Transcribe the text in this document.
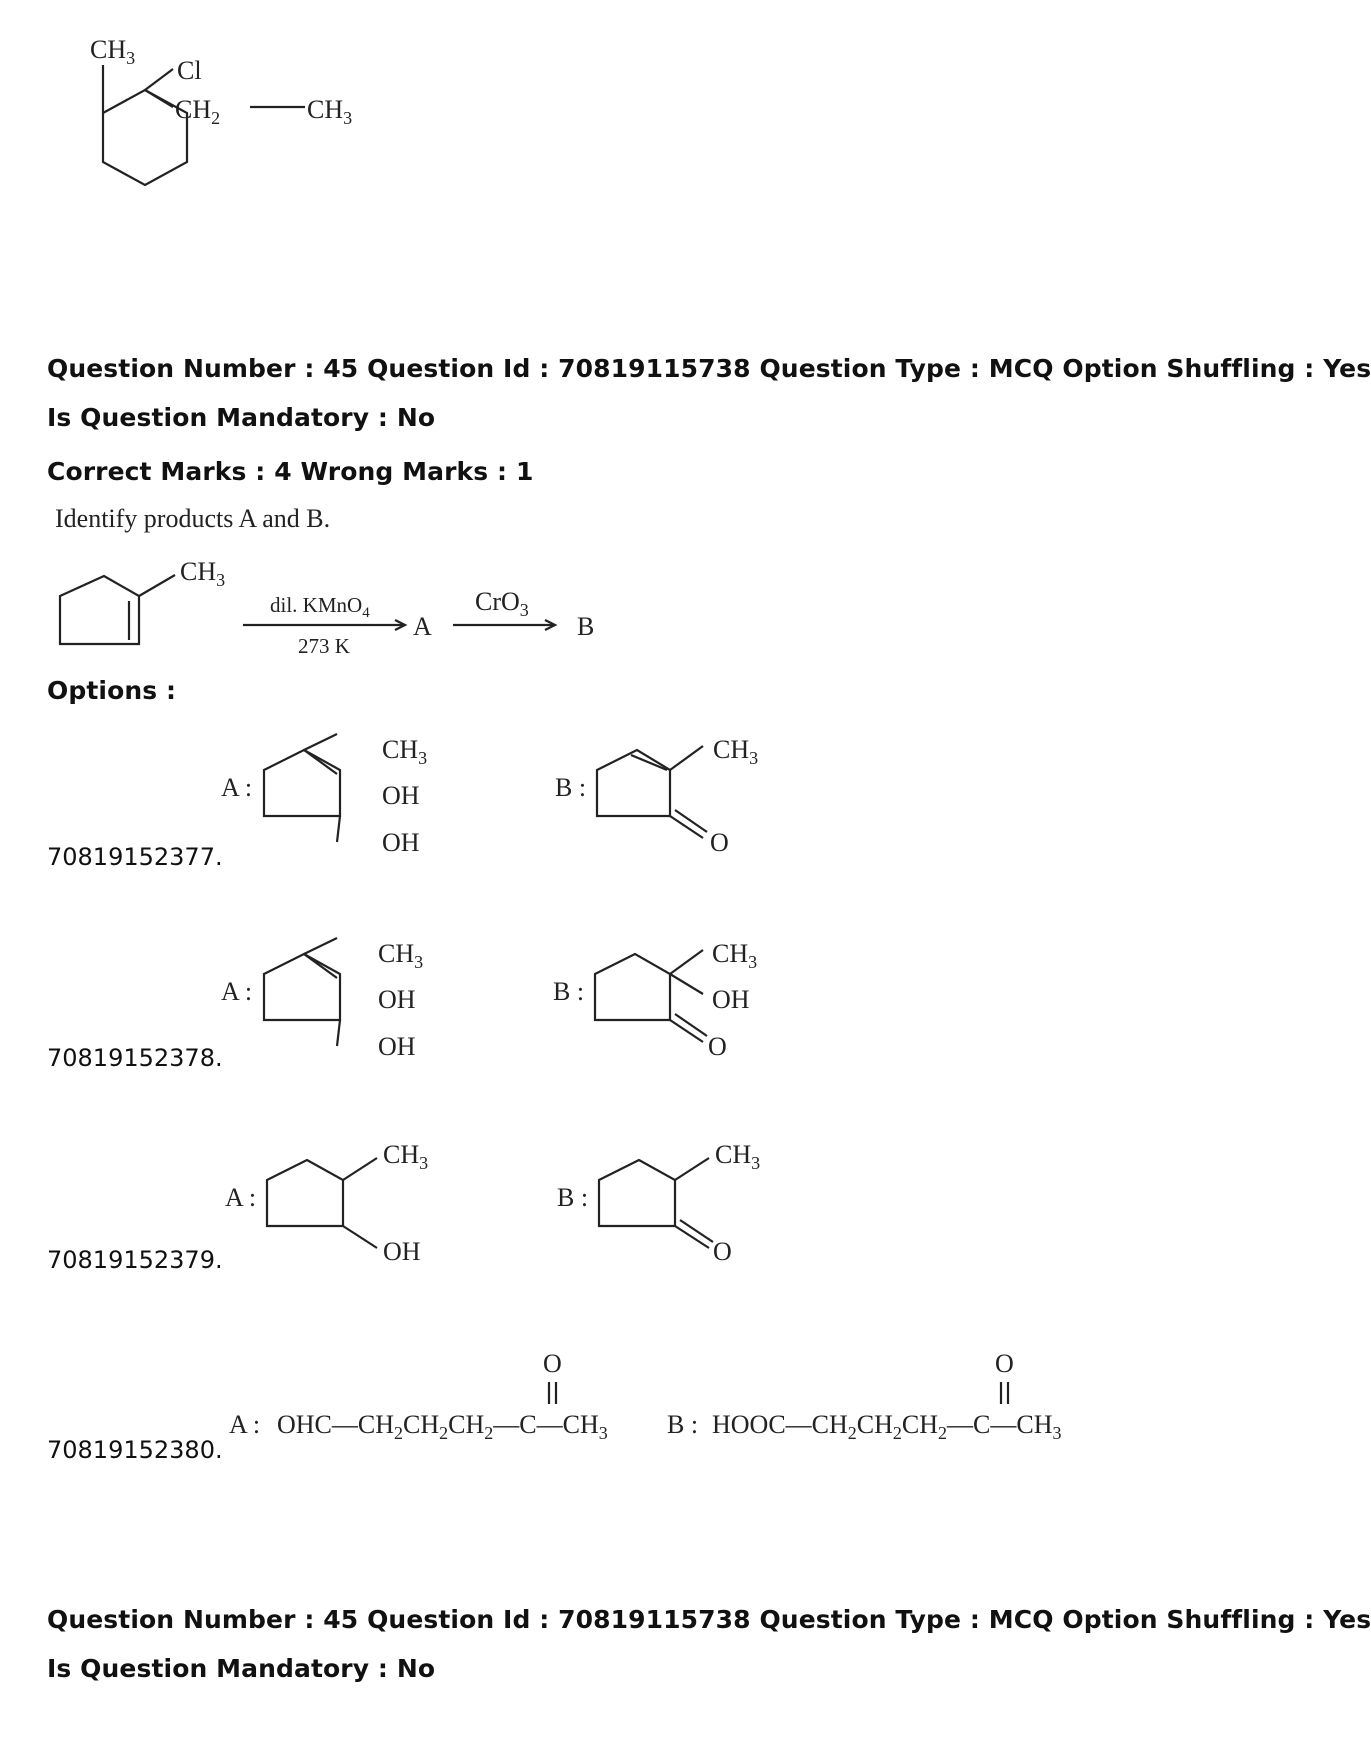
$CH_3$ Cl
$CH_2$	$CH_3$
Question Number : 45 Question Id : 70819115738 Question Type : MCQ Option Shuffling : Yes
Is Question Mandatory : No
Correct Marks : 4 Wrong Marks : 1
Identify products A and B.
$CH_3$
dil. KMnO$_4$
273 K
A
CrO$_3$
B
Options :
70819152377.
A :
$CH_3$
OH
OH
B :
$CH_3$
O
70819152378.
A :
$CH_3$
OH
OH
B :
$CH_3$
OH
O
70819152379.
A :
$CH_3$
OH
B :
$CH_3$
O
70819152380.
A : $OHC—CH_2CH_2CH_2—C—CH_3$
O
B : $HOOC—CH_2CH_2CH_2—C—CH_3$
O
Question Number : 45 Question Id : 70819115738 Question Type : MCQ Option Shuffling : Yes
Is Question Mandatory : No
